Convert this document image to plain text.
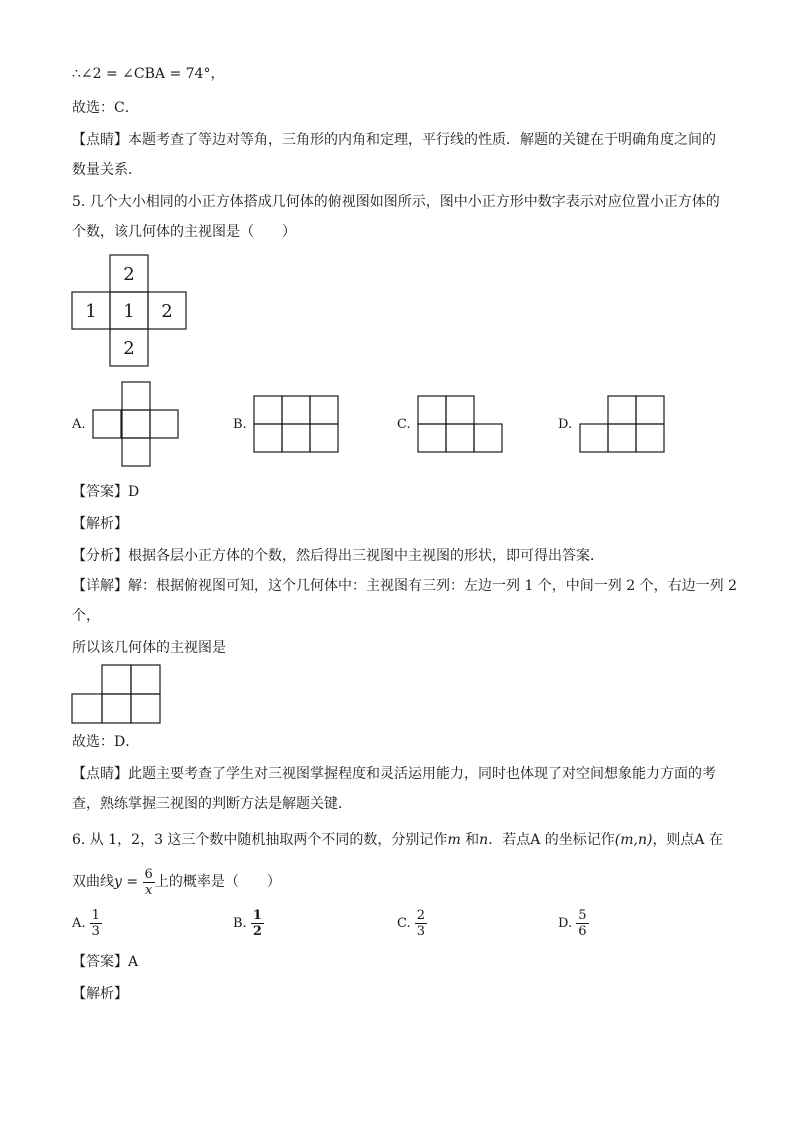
∴∠2 = ∠CBA = 74°，
故选：C．
【点睛】本题考查了等边对等角，三角形的内角和定理，平行线的性质．解题的关键在于明确角度之间的
数量关系．
5. 几个大小相同的小正方体搭成几何体的俯视图如图所示，图中小正方形中数字表示对应位置小正方体的
个数，该几何体的主视图是（　　）
2
1 1 2
2
A.	B.	C.	D.
【答案】D
【解析】
【分析】根据各层小正方体的个数，然后得出三视图中主视图的形状，即可得出答案．
【详解】解：根据俯视图可知，这个几何体中：主视图有三列：左边一列 1 个，中间一列 2 个，右边一列 2
个，
所以该几何体的主视图是
故选：D．
【点睛】此题主要考查了学生对三视图掌握程度和灵活运用能力，同时也体现了对空间想象能力方面的考
查，熟练掌握三视图的判断方法是解题关键．
6. 从 1，2，3 这三个数中随机抽取两个不同的数，分别记作m 和n．若点A 的坐标记作(m,n)，则点A 在
双曲线$y = \frac{6}{x}$ 上的概率是（　　）
A. $\frac{1}{3}$	B. $\frac{1}{2}$	C. $\frac{2}{3}$	D. $\frac{5}{6}$
【答案】A
【解析】
